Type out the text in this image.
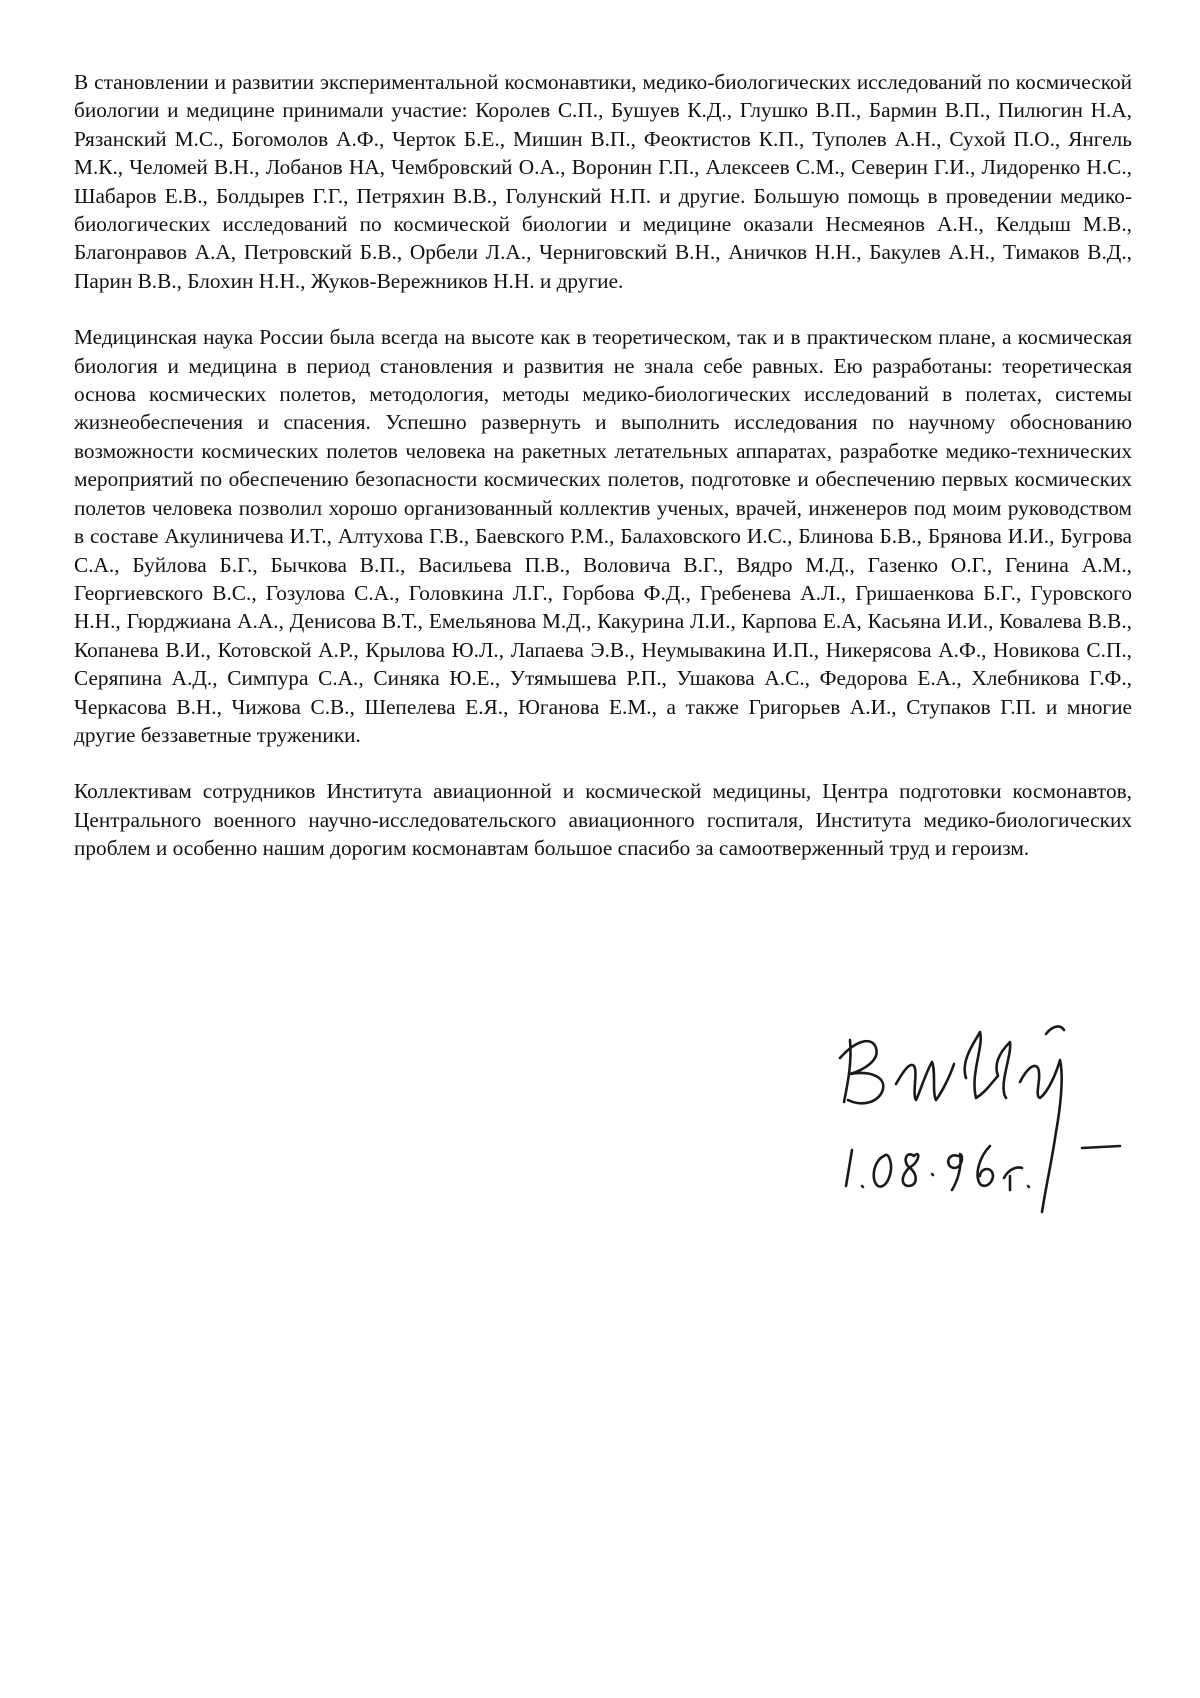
В становлении и развитии экспериментальной космонавтики, медико-биологических исследований по космической биологии и медицине принимали участие: Королев С.П., Бушуев К.Д., Глушко В.П., Бармин В.П., Пилюгин Н.А, Рязанский М.С., Богомолов А.Ф., Черток Б.Е., Мишин В.П., Феоктистов К.П., Туполев А.Н., Сухой П.О., Янгель М.К., Челомей В.Н., Лобанов НА, Чембровский О.А., Воронин Г.П., Алексеев С.М., Северин Г.И., Лидоренко Н.С., Шабаров Е.В., Болдырев Г.Г., Петряхин В.В., Голунский Н.П. и другие. Большую помощь в проведении медико-биологических исследований по космической биологии и медицине оказали Несмеянов А.Н., Келдыш М.В., Благонравов А.А, Петровский Б.В., Орбели Л.А., Черниговский В.Н., Аничков Н.Н., Бакулев А.Н., Тимаков В.Д., Парин В.В., Блохин Н.Н., Жуков-Вережников Н.Н. и другие.

Медицинская наука России была всегда на высоте как в теоретическом, так и в практическом плане, а космическая биология и медицина в период становления и развития не знала себе равных. Ею разработаны: теоретическая основа космических полетов, методология, методы медико-биологических исследований в полетах, системы жизнеобеспечения и спасения. Успешно развернуть и выполнить исследования по научному обоснованию возможности космических полетов человека на ракетных летательных аппаратах, разработке медико-технических мероприятий по обеспечению безопасности космических полетов, подготовке и обеспечению первых космических полетов человека позволил хорошо организованный коллектив ученых, врачей, инженеров под моим руководством в составе Акулиничева И.Т., Алтухова Г.В., Баевского Р.М., Балаховского И.С., Блинова Б.В., Брянова И.И., Бугрова С.А., Буйлова Б.Г., Бычкова В.П., Васильева П.В., Воловича В.Г., Вядро М.Д., Газенко О.Г., Генина А.М., Георгиевского В.С., Гозулова С.А., Головкина Л.Г., Горбова Ф.Д., Гребенева А.Л., Гришаенкова Б.Г., Гуровского Н.Н., Гюрджиана А.А., Денисова В.Т., Емельянова М.Д., Какурина Л.И., Карпова Е.А, Касьяна И.И., Ковалева В.В., Копанева В.И., Котовской А.Р., Крылова Ю.Л., Лапаева Э.В., Неумывакина И.П., Никерясова А.Ф., Новикова С.П., Серяпина А.Д., Симпура С.А., Синяка Ю.Е., Утямышева Р.П., Ушакова А.С., Федорова Е.А., Хлебникова Г.Ф., Черкасова В.Н., Чижова С.В., Шепелева Е.Я., Юганова Е.М., а также Григорьев А.И., Ступаков Г.П. и многие другие беззаветные труженики.

Коллективам сотрудников Института авиационной и космической медицины, Центра подготовки космонавтов, Центрального военного научно-исследовательского авиационного госпиталя, Института медико-биологических проблем и особенно нашим дорогим космонавтам большое спасибо за самоотверженный труд и героизм.
